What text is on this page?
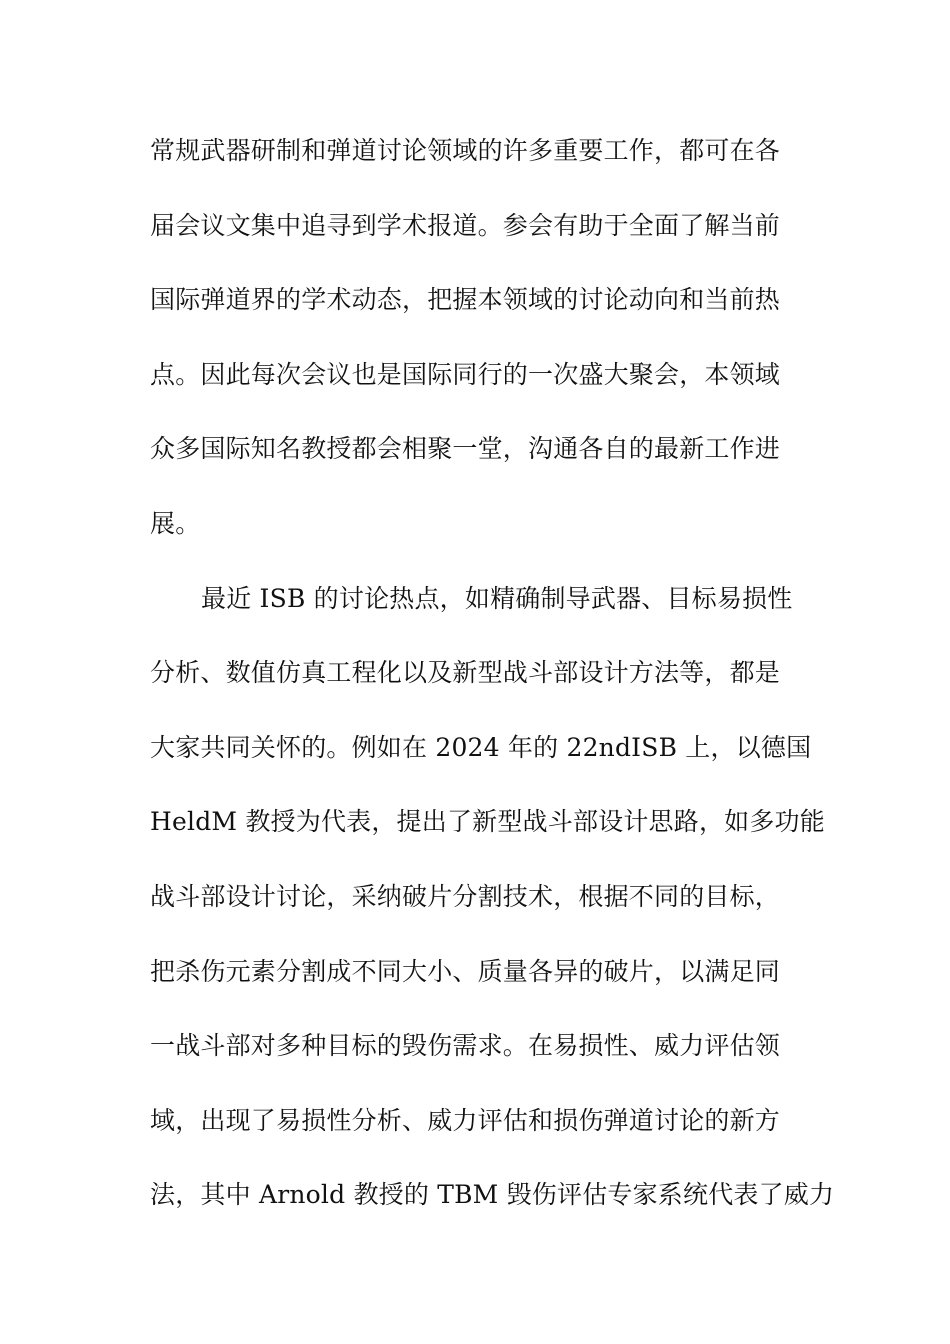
常规武器研制和弹道讨论领域的许多重要工作，都可在各
届会议文集中追寻到学术报道。参会有助于全面了解当前
国际弹道界的学术动态，把握本领域的讨论动向和当前热
点。因此每次会议也是国际同行的一次盛大聚会，本领域
众多国际知名教授都会相聚一堂，沟通各自的最新工作进
展。
最近 ISB 的讨论热点，如精确制导武器、目标易损性
分析、数值仿真工程化以及新型战斗部设计方法等，都是
大家共同关怀的。例如在 2024 年的 22ndISB 上，以德国
HeldM 教授为代表，提出了新型战斗部设计思路，如多功能
战斗部设计讨论，采纳破片分割技术，根据不同的目标，
把杀伤元素分割成不同大小、质量各异的破片，以满足同
一战斗部对多种目标的毁伤需求。在易损性、威力评估领
域，出现了易损性分析、威力评估和损伤弹道讨论的新方
法，其中 Arnold 教授的 TBM 毁伤评估专家系统代表了威力
